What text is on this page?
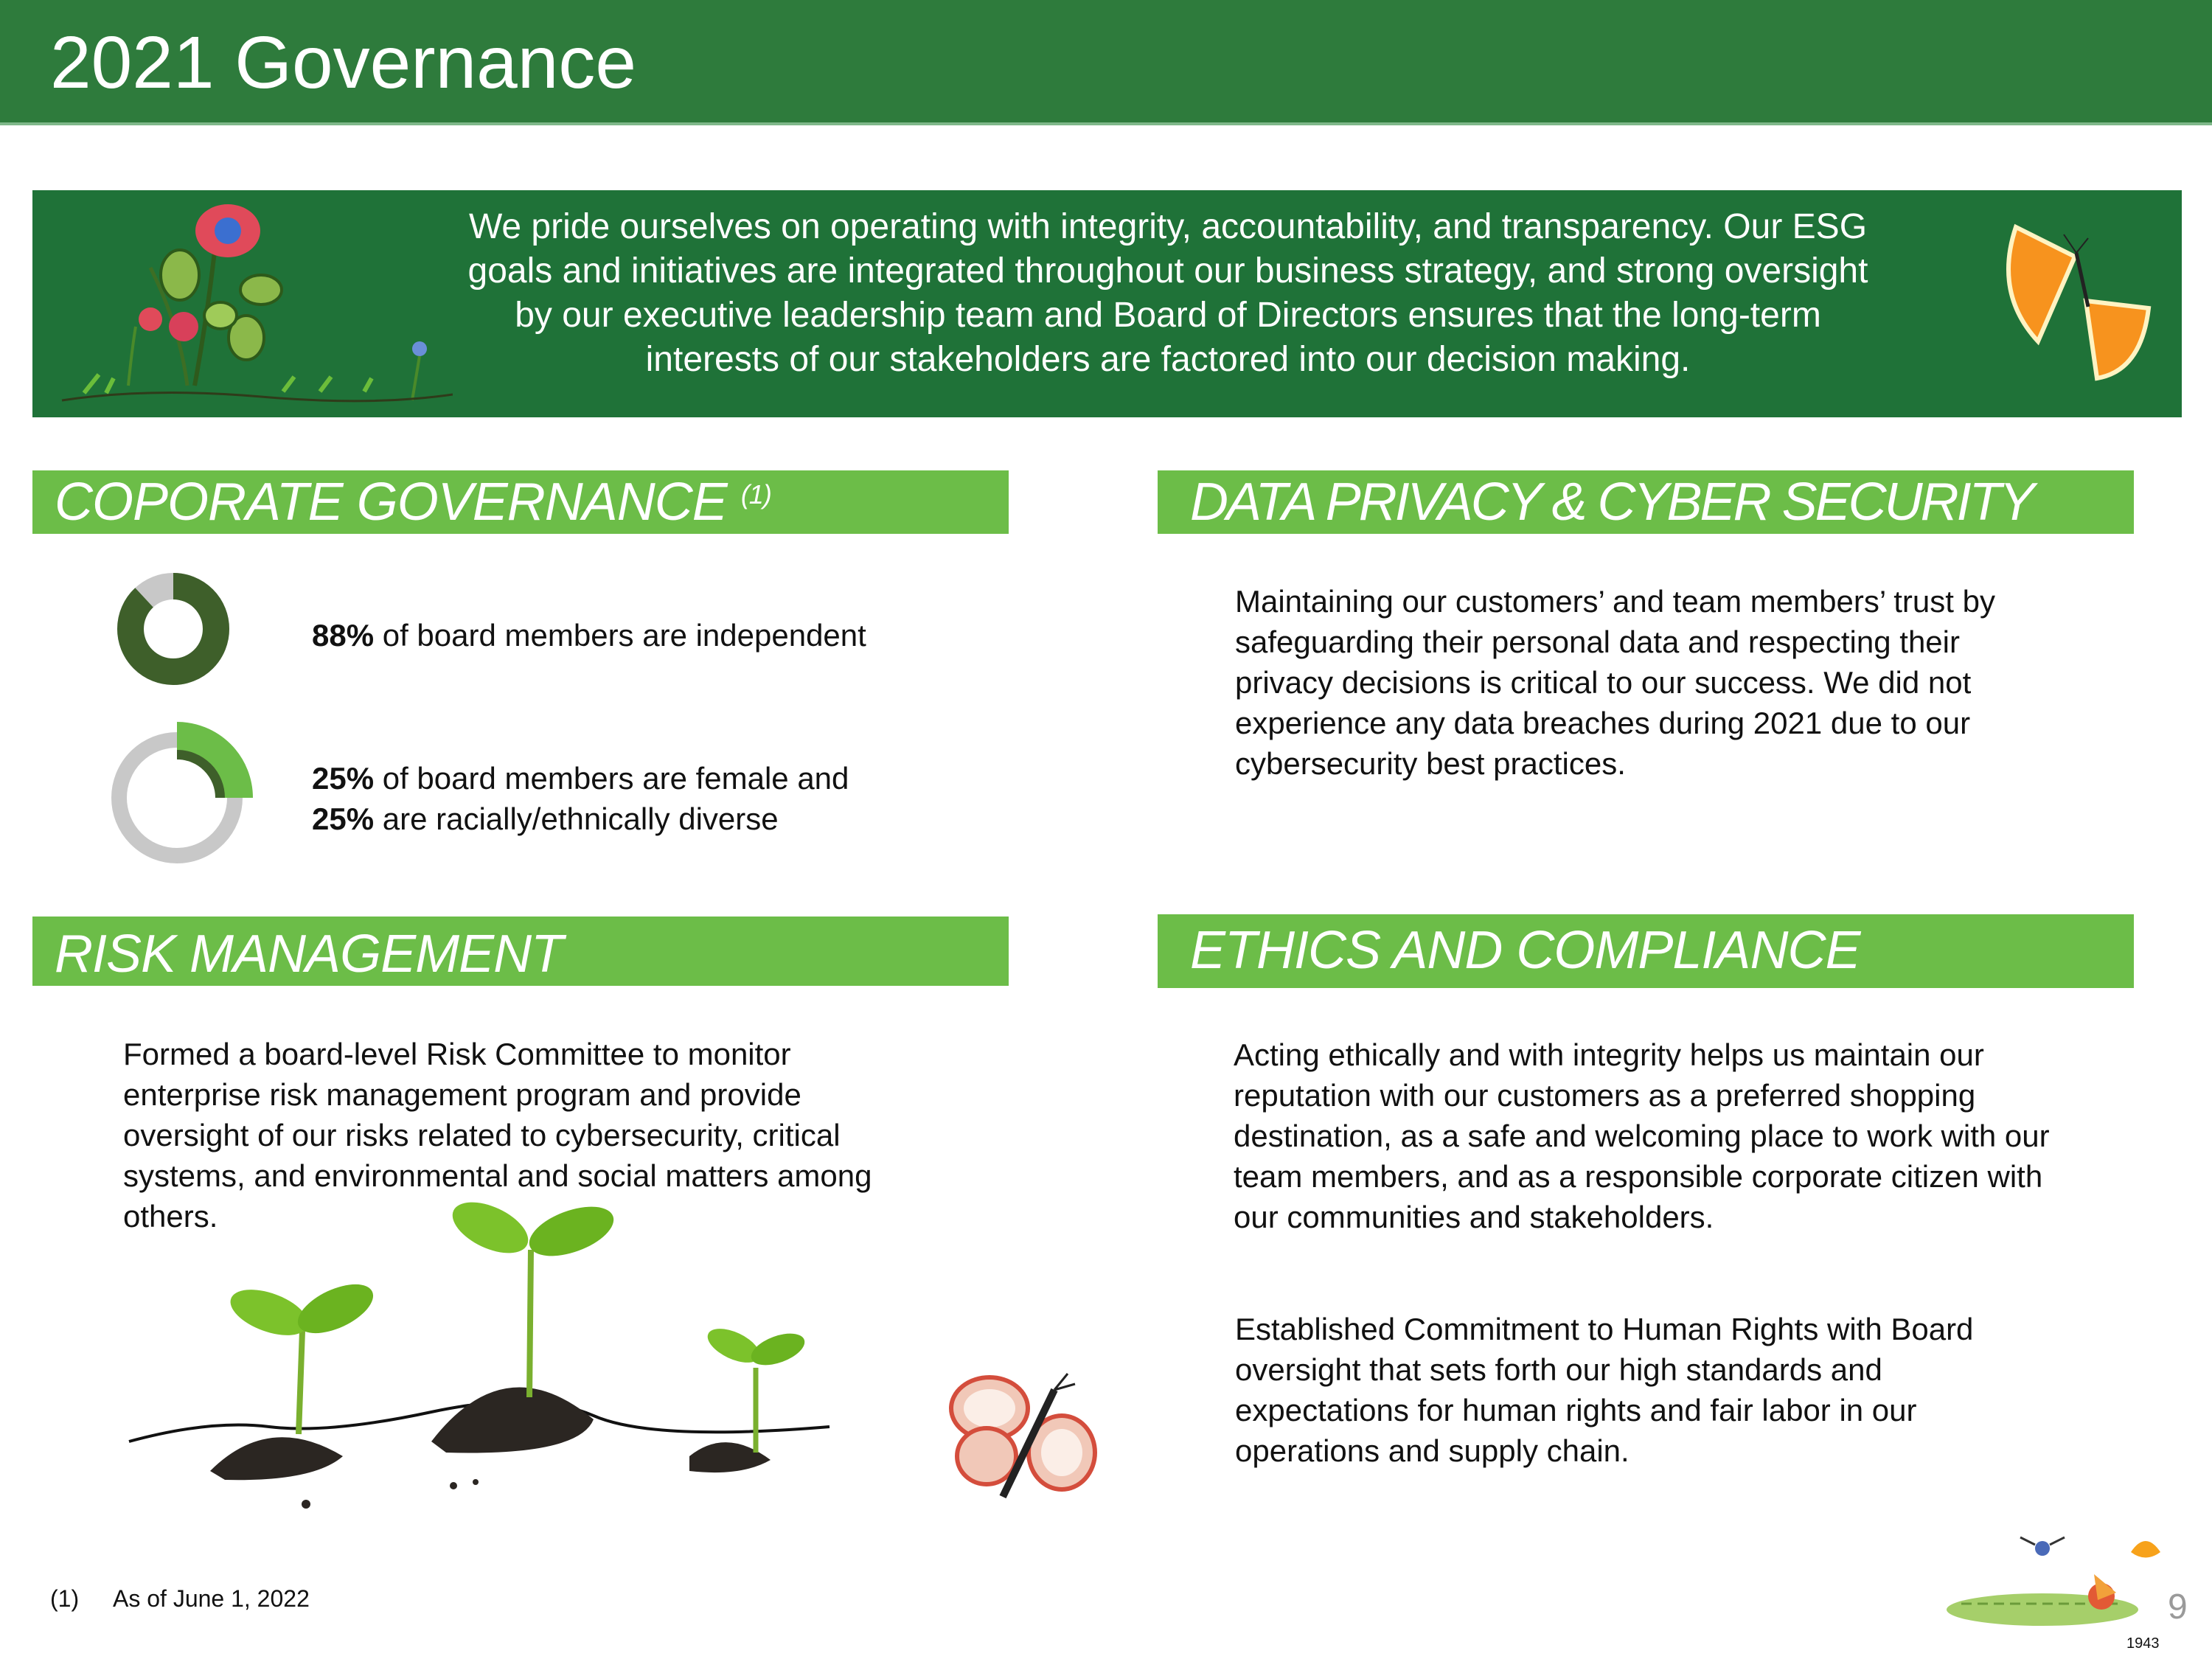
2021 Governance
We pride ourselves on operating with integrity, accountability, and transparency. Our ESG goals and initiatives are integrated throughout our business strategy, and strong oversight by our executive leadership team and Board of Directors ensures that the long-term interests of our stakeholders are factored into our decision making.
COPORATE GOVERNANCE $^{(1)}$
88% of board members are independent
25% of board members are female and
25% are racially/ethnically diverse
DATA PRIVACY & CYBER SECURITY
Maintaining our customers’ and team members’ trust by safeguarding their personal data and respecting their privacy decisions is critical to our success. We did not experience any data breaches during 2021 due to our cybersecurity best practices.
RISK MANAGEMENT
Formed a board-level Risk Committee to monitor enterprise risk management program and provide oversight of our risks related to cybersecurity, critical systems, and environmental and social matters among others.
ETHICS AND COMPLIANCE
Acting ethically and with integrity helps us maintain our reputation with our customers as a preferred shopping destination, as a safe and welcoming place to work with our team members, and as a responsible corporate citizen with our communities and stakeholders.
Established Commitment to Human Rights with Board oversight that sets forth our high standards and expectations for human rights and fair labor in our operations and supply chain.
(1) As of June 1, 2022	9
1943
